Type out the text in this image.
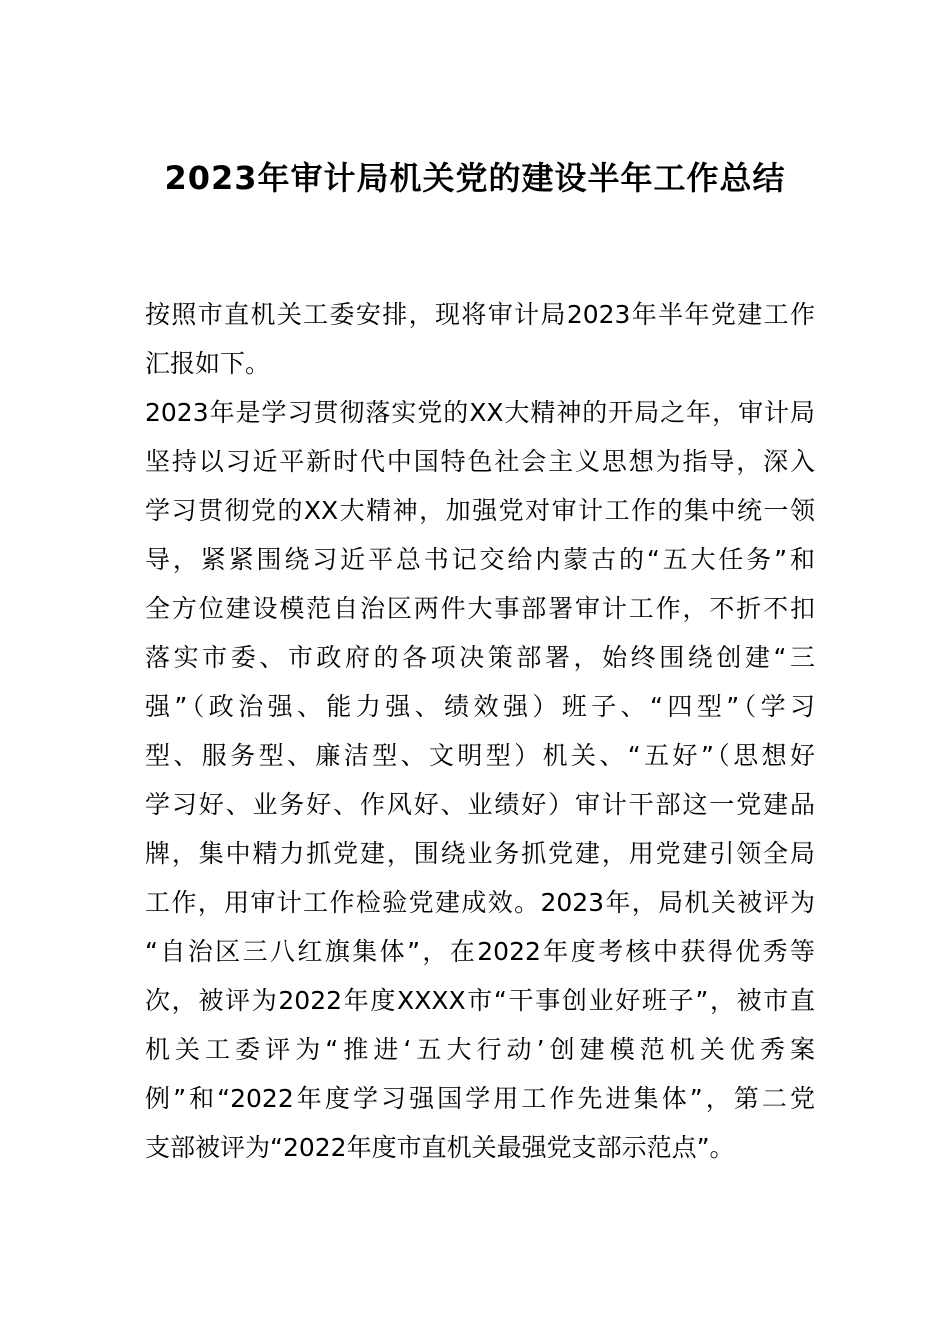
2023年审计局机关党的建设半年工作总结
按照市直机关工委安排，现将审计局2023年半年党建工作
汇报如下。
2023年是学习贯彻落实党的XX大精神的开局之年，审计局
坚持以习近平新时代中国特色社会主义思想为指导，深入
学习贯彻党的XX大精神，加强党对审计工作的集中统一领
导，紧紧围绕习近平总书记交给内蒙古的“五大任务”和
全方位建设模范自治区两件大事部署审计工作，不折不扣
落实市委、市政府的各项决策部署，始终围绕创建“三
强”（政治强、能力强、绩效强）班子、“四型”（学习
型、服务型、廉洁型、文明型）机关、“五好”（思想好
学习好、业务好、作风好、业绩好）审计干部这一党建品
牌，集中精力抓党建，围绕业务抓党建，用党建引领全局
工作，用审计工作检验党建成效。2023年，局机关被评为
“自治区三八红旗集体”，在2022年度考核中获得优秀等
次，被评为2022年度XXXX市“干事创业好班子”，被市直
机关工委评为“推进‘五大行动’创建模范机关优秀案
例”和“2022年度学习强国学用工作先进集体”，第二党
支部被评为“2022年度市直机关最强党支部示范点”。
